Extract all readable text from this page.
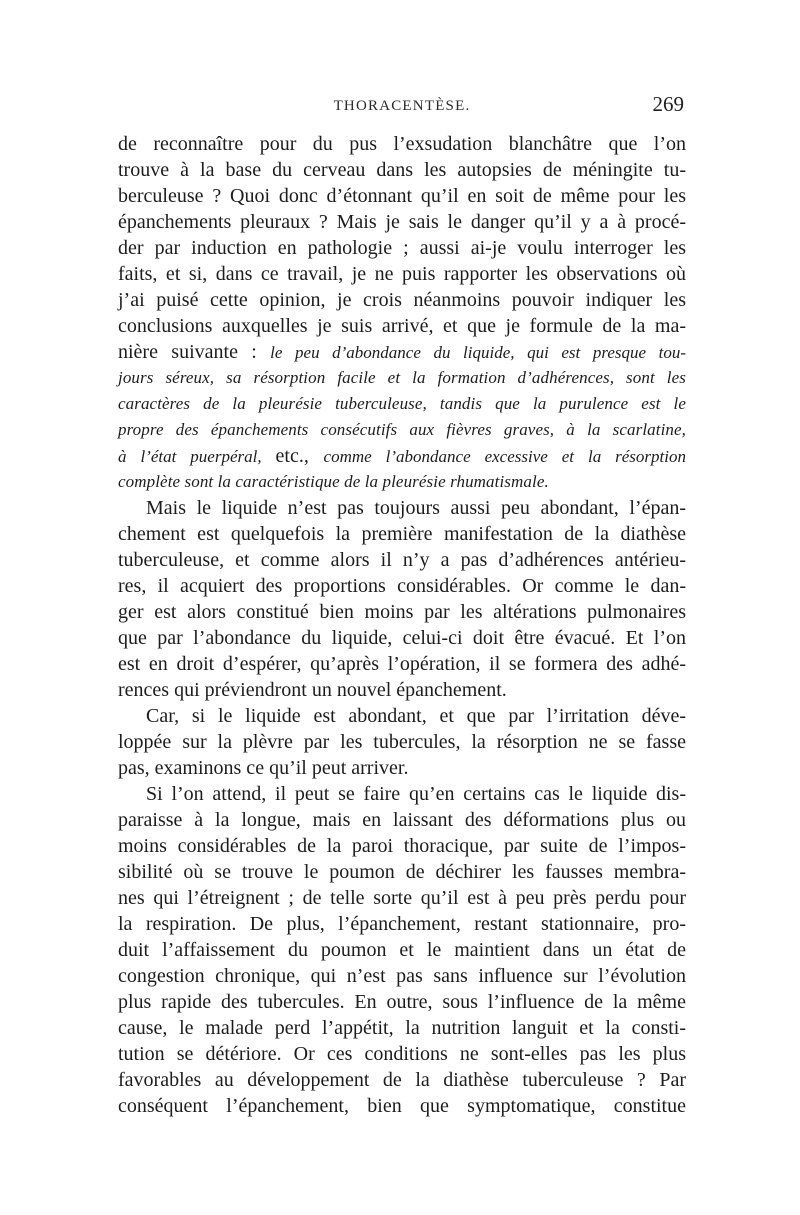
THORACENTÈSE.	269
de reconnaître pour du pus l’exsudation blanchâtre que l’on
trouve à la base du cerveau dans les autopsies de méningite tu-
berculeuse ? Quoi donc d’étonnant qu’il en soit de même pour les
épanchements pleuraux ? Mais je sais le danger qu’il y a à procé-
der par induction en pathologie ; aussi ai-je voulu interroger les
faits, et si, dans ce travail, je ne puis rapporter les observations où
j’ai puisé cette opinion, je crois néanmoins pouvoir indiquer les
conclusions auxquelles je suis arrivé, et que je formule de la ma-
nière suivante : le peu d’abondance du liquide, qui est presque tou-
jours séreux, sa résorption facile et la formation d’adhérences, sont les
caractères de la pleurésie tuberculeuse, tandis que la purulence est le
propre des épanchements consécutifs aux fièvres graves, à la scarlatine,
à l’état puerpéral, etc., comme l’abondance excessive et la résorption
complète sont la caractéristique de la pleurésie rhumatismale.
Mais le liquide n’est pas toujours aussi peu abondant, l’épan-
chement est quelquefois la première manifestation de la diathèse
tuberculeuse, et comme alors il n’y a pas d’adhérences antérieu-
res, il acquiert des proportions considérables. Or comme le dan-
ger est alors constitué bien moins par les altérations pulmonaires
que par l’abondance du liquide, celui-ci doit être évacué. Et l’on
est en droit d’espérer, qu’après l’opération, il se formera des adhé-
rences qui préviendront un nouvel épanchement.
Car, si le liquide est abondant, et que par l’irritation déve-
loppée sur la plèvre par les tubercules, la résorption ne se fasse
pas, examinons ce qu’il peut arriver.
Si l’on attend, il peut se faire qu’en certains cas le liquide dis-
paraisse à la longue, mais en laissant des déformations plus ou
moins considérables de la paroi thoracique, par suite de l’impos-
sibilité où se trouve le poumon de déchirer les fausses membra-
nes qui l’étreignent ; de telle sorte qu’il est à peu près perdu pour
la respiration. De plus, l’épanchement, restant stationnaire, pro-
duit l’affaissement du poumon et le maintient dans un état de
congestion chronique, qui n’est pas sans influence sur l’évolution
plus rapide des tubercules. En outre, sous l’influence de la même
cause, le malade perd l’appétit, la nutrition languit et la consti-
tution se détériore. Or ces conditions ne sont-elles pas les plus
favorables au développement de la diathèse tuberculeuse ? Par
conséquent l’épanchement, bien que symptomatique, constitue
